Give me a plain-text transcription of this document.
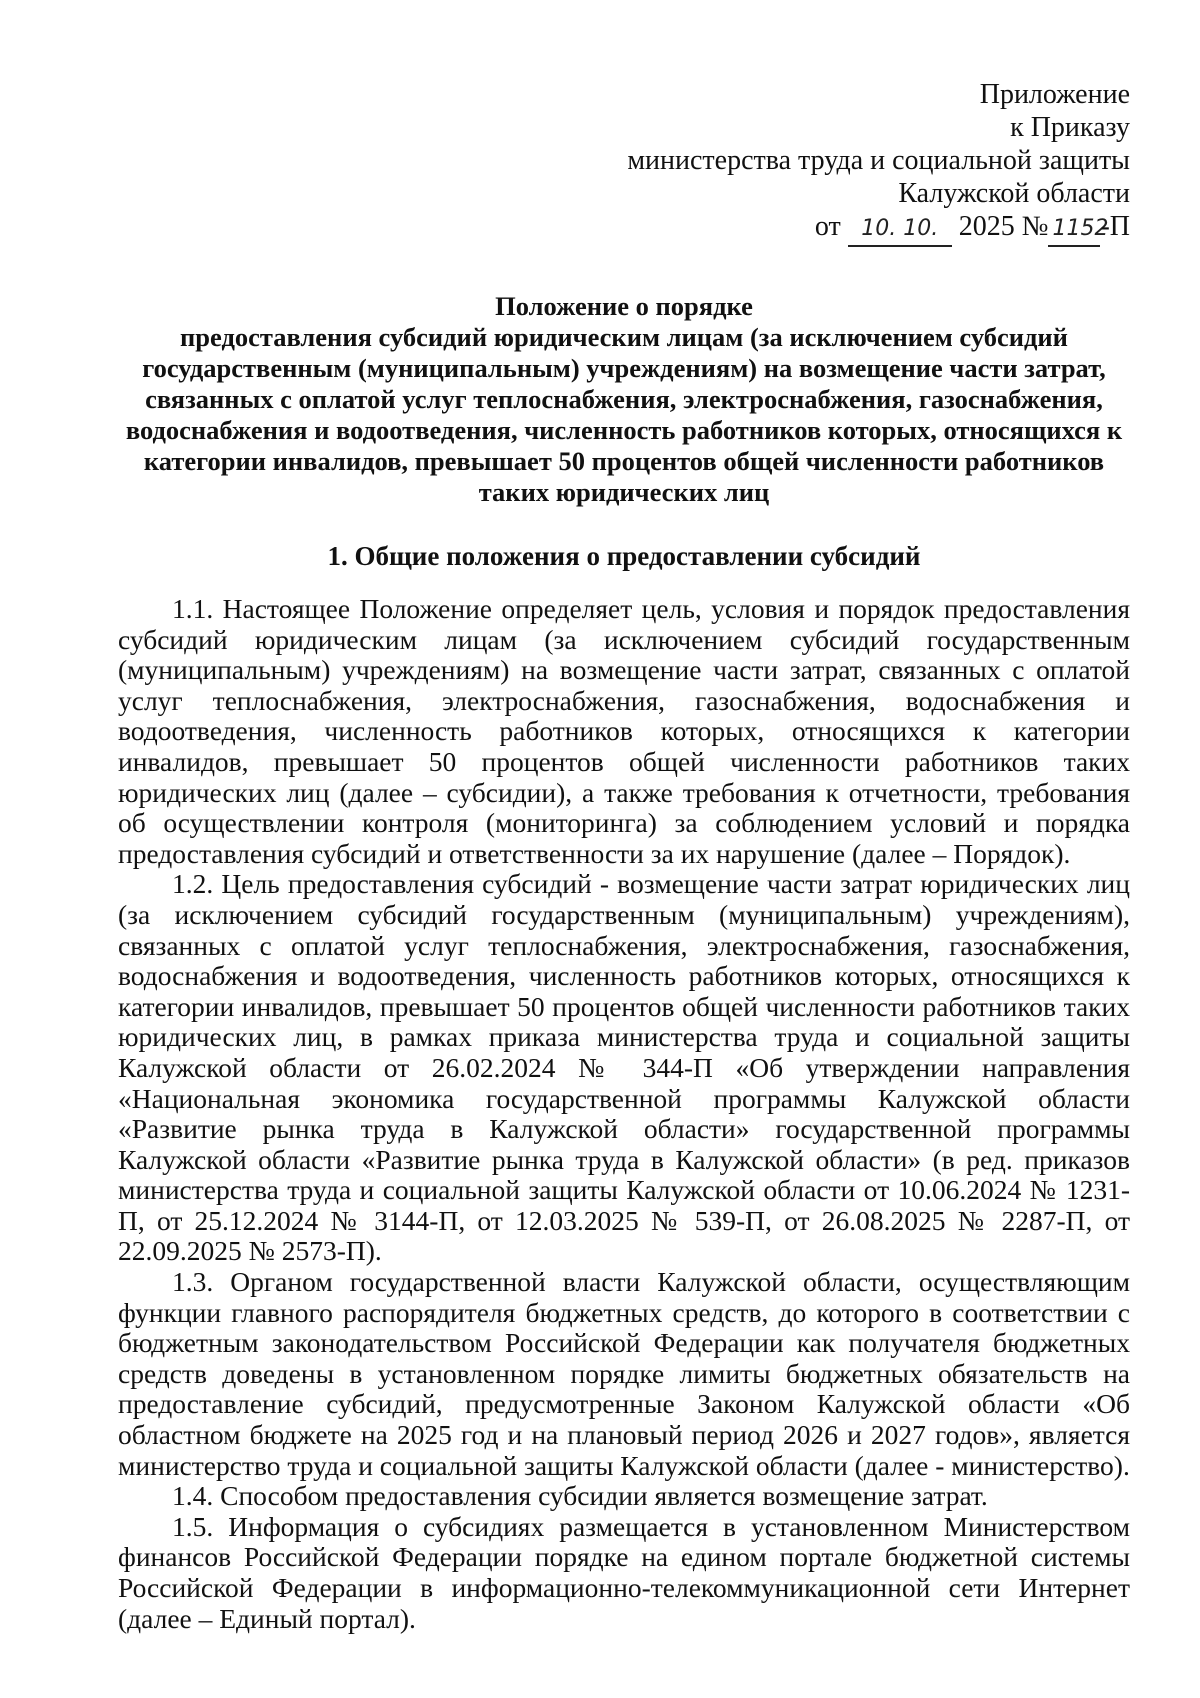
Приложение
к Приказу
министерства труда и социальной защиты
Калужской области
от 10. 10. 2025 № 1152-П
Положение о порядке
предоставления субсидий юридическим лицам (за исключением субсидий государственным (муниципальным) учреждениям) на возмещение части затрат, связанных с оплатой услуг теплоснабжения, электроснабжения, газоснабжения, водоснабжения и водоотведения, численность работников которых, относящихся к категории инвалидов, превышает 50 процентов общей численности работников таких юридических лиц
1. Общие положения о предоставлении субсидий

1.1. Настоящее Положение определяет цель, условия и порядок предоставления субсидий юридическим лицам (за исключением субсидий государственным (муниципальным) учреждениям) на возмещение части затрат, связанных с оплатой услуг теплоснабжения, электроснабжения, газоснабжения, водоснабжения и водоотведения, численность работников которых, относящихся к категории инвалидов, превышает 50 процентов общей численности работников таких юридических лиц (далее – субсидии), а также требования к отчетности, требования об осуществлении контроля (мониторинга) за соблюдением условий и порядка предоставления субсидий и ответственности за их нарушение (далее – Порядок).

1.2. Цель предоставления субсидий - возмещение части затрат юридических лиц (за исключением субсидий государственным (муниципальным) учреждениям), связанных с оплатой услуг теплоснабжения, электроснабжения, газоснабжения, водоснабжения и водоотведения, численность работников которых, относящихся к категории инвалидов, превышает 50 процентов общей численности работников таких юридических лиц, в рамках приказа министерства труда и социальной защиты Калужской области от 26.02.2024 № 344-П «Об утверждении направления «Национальная экономика государственной программы Калужской области «Развитие рынка труда в Калужской области» государственной программы Калужской области «Развитие рынка труда в Калужской области» (в ред. приказов министерства труда и социальной защиты Калужской области от 10.06.2024 № 1231-П, от 25.12.2024 № 3144-П, от 12.03.2025 № 539-П, от 26.08.2025 № 2287-П, от 22.09.2025 № 2573-П).

1.3. Органом государственной власти Калужской области, осуществляющим функции главного распорядителя бюджетных средств, до которого в соответствии с бюджетным законодательством Российской Федерации как получателя бюджетных средств доведены в установленном порядке лимиты бюджетных обязательств на предоставление субсидий, предусмотренные Законом Калужской области «Об областном бюджете на 2025 год и на плановый период 2026 и 2027 годов», является министерство труда и социальной защиты Калужской области (далее - министерство).

1.4. Способом предоставления субсидии является возмещение затрат.

1.5. Информация о субсидиях размещается в установленном Министерством финансов Российской Федерации порядке на едином портале бюджетной системы Российской Федерации в информационно-телекоммуникационной сети Интернет (далее – Единый портал).
